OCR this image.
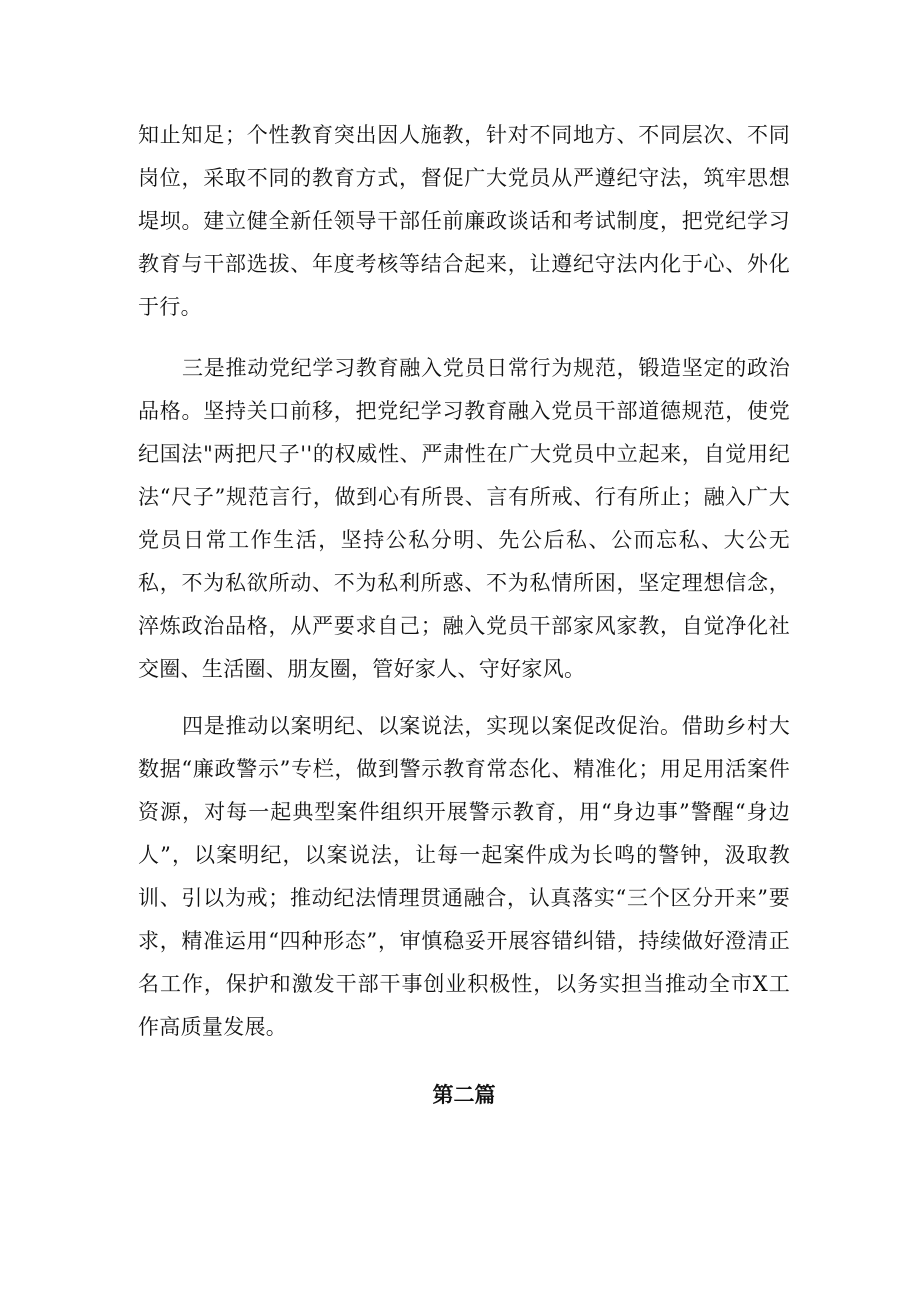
知止知足；个性教育突出因人施教，针对不同地方、不同层次、不同岗位，采取不同的教育方式，督促广大党员从严遵纪守法，筑牢思想堤坝。建立健全新任领导干部任前廉政谈话和考试制度，把党纪学习教育与干部选拔、年度考核等结合起来，让遵纪守法内化于心、外化于行。

三是推动党纪学习教育融入党员日常行为规范，锻造坚定的政治品格。坚持关口前移，把党纪学习教育融入党员干部道德规范，使党纪国法"两把尺子''的权威性、严肃性在广大党员中立起来，自觉用纪法“尺子”规范言行，做到心有所畏、言有所戒、行有所止；融入广大党员日常工作生活，坚持公私分明、先公后私、公而忘私、大公无私，不为私欲所动、不为私利所惑、不为私情所困，坚定理想信念，淬炼政治品格，从严要求自己；融入党员干部家风家教，自觉净化社交圈、生活圈、朋友圈，管好家人、守好家风。

四是推动以案明纪、以案说法，实现以案促改促治。借助乡村大数据“廉政警示”专栏，做到警示教育常态化、精准化；用足用活案件资源，对每一起典型案件组织开展警示教育，用“身边事”警醒“身边人”，以案明纪，以案说法，让每一起案件成为长鸣的警钟，汲取教训、引以为戒；推动纪法情理贯通融合，认真落实“三个区分开来”要求，精准运用“四种形态”，审慎稳妥开展容错纠错，持续做好澄清正名工作，保护和激发干部干事创业积极性，以务实担当推动全市X工作高质量发展。

第二篇
